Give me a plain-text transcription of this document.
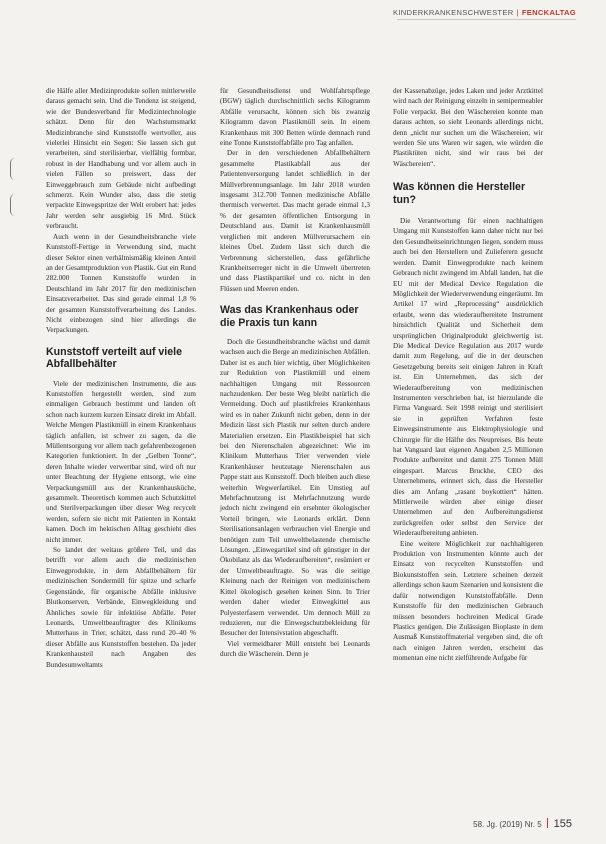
KINDERKRANKENSCHWESTER | FENCKALTAG

die Hälfe aller Medizinprodukte sollen mittlerweile daraus gemacht sein. Und die Tendenz ist steigend, wie der Bundesverband für Medizintechnologie schätzt. Denn für den Wachstumsmarkt Medizinbranche sind Kunststoffe wertvoller, aus vielerlei Hinsicht ein Segen: Sie lassen sich gut verarbeiten, sind sterilisierbar, vielfältig formbar, robust in der Handhabung und vor allem auch in vielen Fällen so preiswert, dass der Einweggebrauch zum Gebäude nicht aufbedingt schmerzt. Kein Wunder also, dass die stetig verpackte Einwegspritze der Welt erobert hat: jedes Jahr werden sehr ausgiebig 16 Mrd. Stück verbraucht.

Auch wenn in der Gesundheitsbranche viele Kunststoff-Fertige in Verwendung sind, macht dieser Sektor einen verhältnismäßig kleinen Anteil an der Gesamtproduktion von Plastik. Gut ein Rund 282.000 Tonnen Kunststoffe wurden in Deutschland im Jahr 2017 für den medizinischen Einsatzverarbeitet. Das sind gerade einmal 1,8 % der gesamten Kunststoffverarbeitung des Landes. Nicht einbezogen sind hier allerdings die Verpackungen.

Kunststoff verteilt auf viele Abfallbehälter

Viele der medizinischen Instrumente, die aus Kunststoffen hergestellt werden, sind zum einmaligen Gebrauch bestimmt und landen oft schon nach kurzem kurzen Einsatz direkt im Abfall. Welche Mengen Plastikmüll in einem Krankenhaus täglich anfallen, ist schwer zu sagen, da die Müllentsorgung vor allem nach gefahrenbezogenen Kategorien funktioniert. In der „Gelben Tonne“, deren Inhalte wieder verwertbar sind, wird oft nur unter Beachtung der Hygiene entsorgt, wie eine Verpackungsmüll aus der Krankenhausküche, gesammelt. Theoretisch kommen auch Schutzkittel und Sterilverpackungen über dieser Weg recycelt werden, sofern sie nicht mit Patienten in Kontakt kamen. Doch im hektischen Alltag geschieht dies nicht immer.

So landet der weitaus größere Teil, und das betrifft vor allem auch die medizinischen Einwegprodukte, in dem Abfallbehältern für medizinischen Sondermüll für spitze und scharfe Gegenstände, für organische Abfälle inklusive Blutkonserven, Verbände, Einwegkleidung und Ähnliches sowie für infektiöse Abfälle. Peter Leonards, Umweltbeauftragter des Klinikums Mutterhaus in Trier, schätzt, dass rund 20–40 % dieser Abfälle aus Kunststoffen bestehen. Da jeder Krankenhausteil nach Angaben des Bundesumweltamts

für Gesundheitsdienst und Wohlfahrtspflege (BGW) täglich durchschnittlich sechs Kilogramm Abfälle verursacht, können sich bis zwanzig Kilogramm davon Plastikmüll sein. In einem Krankenhaus mit 300 Betten würde demnach rund eine Tonne Kunststoffabfälle pro Tag anfallen.

Der in den verschiedenen Abfallbehältern gesammelte Plastikabfall aus der Patientenversorgung landet schließlich in der Müllverbrennungsanlage. Im Jahr 2018 wurden insgesamt 312.700 Tonnen medizinische Abfälle thermisch verwertet. Das macht gerade einmal 1,3 % der gesamten öffentlichen Entsorgung in Deutschland aus. Damit ist Krankenhausmüll verglichen mit anderen Müllverursachern ein kleines Übel. Zudem lässt sich durch die Verbrennung sicherstellen, dass gefährliche Krankheitserreger nicht in die Umwelt übertreten und dass Plastikpartikel und co. nicht in den Flüssen und Meeren enden.

Was das Krankenhaus oder die Praxis tun kann

Doch die Gesundheitsbranche wächst und damit wachsen auch die Berge an medizinischen Abfällen. Daher ist es auch hier wichtig, über Möglichkeiten zur Reduktion von Plastikmüll und einem nachhaltigen Umgang mit Ressourcen nachzudenken. Der beste Weg bleibt natürlich die Vermeidung. Doch auf plastikfreies Krankenhaus wird es in naher Zukunft nicht geben, denn in der Medizin lässt sich Plastik nur selten durch andere Materialien ersetzen. Ein Plastikbeispiel hat sich bei den Nierenschalen abgezeichnet: Wie im Klinikum Mutterhaus Trier verwenden viele Krankenhäuser heutzutage Nierenschalen aus Pappe statt aus Kunststoff. Doch bleiben auch diese weiterhin Wegwerfartikel. Ein Umstieg auf Mehrfachnutzung ist Mehrfachnutzung wurde jedoch nicht zwingend ein ersehnter ökologischer Vorteil bringen, wie Leonards erklärt. Denn Sterilisationsanlagen verbrauchen viel Energie und benötigen zum Teil umweltbelastende chemische Lösungen. „Einwegartikel sind oft günstiger in der Ökobilanz als das Wiederaufbereiten“, resümiert er der Umweltbeauftragte. So was die seitige Kleinung nach der Reinigen von medizinischem Kittel ökologisch gesehen keinen Sinn. In Trier werden daher wieder Einwegkittel aus Polyesterfasern verwendet. Um dennoch Müll zu reduzieren, nur die Einwegschutzbekleidung für Besucher der Intensivstation abgeschafft.

Viel vermeidbarer Müll entsteht bei Leonards durch die Wäscherein. Denn je

der Kassenabzüge, jedes Laken und jeder Arztkittel wird nach der Reinigung einzeln in semipermeabler Folie verpackt. Bei den Wäschereien konnte man daraus achten, so sieht Leonards allerdings nicht, denn „nicht nur suchen um die Wäschereien, wir werden Sie uns Waren wir sagen, wie würden die Plastiktüten nicht, sind wir raus bei der Wäschereien“.

Was können die Hersteller tun?

Die Verantwortung für einen nachhaltigen Umgang mit Kunststoffen kann daher nicht nur bei den Gesundheitseinrichtungen liegen, sondern muss auch bei den Herstellern und Zulieferern gesucht werden. Damit Einwegprodukte nach keinem Gebrauch nicht zwingend im Abfall landen, hat die EU mit der Medical Device Regulation die Möglichkeit der Wiederverwendung eingeräumt. Im Artikel 17 wird „Reprocessing“ ausdrücklich erlaubt, wenn das wiederaufbereitete Instrument hinsichtlich Qualität und Sicherheit dem ursprünglichen Originalprodukt gleichwertig ist. Die Medical Device Regulation aus 2017 wurde damit zum Regelung, auf die in der deutschen Gesetzgebung bereits seit einigen Jahren in Kraft ist. Ein Unternehmen, das sich der Wiederaufbereitung von medizinischen Instrumenten verschrieben hat, ist hierzulande die Firma Vanguard. Seit 1998 reinigt und sterilisiert sie in geprüften Verfahren feste Einwegsinstrumente aus Elektrophysiologie und Chirurgie für die Hälfte des Neupreises. Bis heute hat Vanguard laut eigenen Angaben 2,5 Millionen Produkte aufbereitet und damit 275 Tonnen Müll eingespart. Marcus Bruckhe, CEO des Unternehmens, erinnert sich, dass die Hersteller dies am Anfang „rasant boykottiert“ hätten. Mittlerweile würden aber einige dieser Unternehmen auf den Aufbereitungsdienst zurückgreifen oder selbst den Service der Wiederaufbereitung anbieten.

Eine weitere Möglichkeit zur nachhaltigeren Produktion von Instrumenten könnte auch der Einsatz von recycelten Kunststoffen und Biokunststoffen sein. Letztere scheinen derzeit allerdings schon kaum Szenarien und konsistent die dafür notwendigen Kunststoffabfälle. Denn Kunststoffe für den medizinischen Gebrauch müssen besonders hochreinen Medical Grade Plastics genügen. Die Zulässigen Bioplaste in dem Ausmaß Kunststoffmaterial vergeben sind, die oft nach einigen Jahren werden, erscheint das momentan eine nicht zielführende Aufgabe für

58. Jg. (2019) Nr. 5 155
